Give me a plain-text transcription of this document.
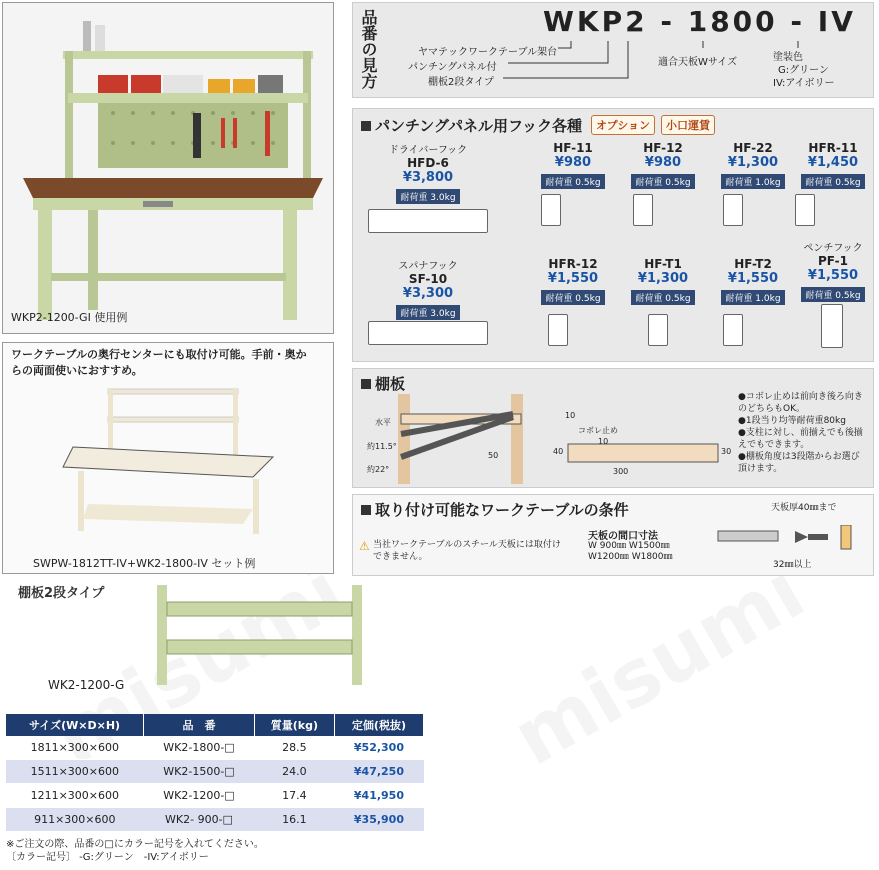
WKP2-1200-GI 使用例
品番の見方	WKP2 - 1800 - IV
ヤマテックワークテーブル架台
パンチングパネル付
棚板2段タイプ
適合天板Wサイズ	塗装色
G:グリーン
IV:アイボリー
パンチングパネル用フック各種	オプション	小口運賃
ドライバーフック
HFD-6
¥3,800
耐荷重 3.0kg
HF-11
¥980
耐荷重 0.5kg
HF-12
¥980
耐荷重 0.5kg
HF-22
¥1,300
耐荷重 1.0kg
HFR-11
¥1,450
耐荷重 0.5kg
スパナフック
SF-10
¥3,300
耐荷重 3.0kg
HFR-12
¥1,550
耐荷重 0.5kg
HF-T1
¥1,300
耐荷重 0.5kg
HF-T2
¥1,550
耐荷重 1.0kg
ペンチフック
PF-1
¥1,550
耐荷重 0.5kg
ワークテーブルの奥行センターにも取付け可能。手前・奥からの両面使いにおすすめ。
SWPW-1812TT-IV+WK2-1800-IV セット例
棚板
水平
約11.5°
約22°
50
10
コボレ止め
10
40	30
300
●コボレ止めは前向き後ろ向きのどちらもOK。
●1段当り均等耐荷重80kg
●支柱に対し、前揃えでも後揃えでもできます。
●棚板角度は3段階からお選び頂けます。
取り付け可能なワークテーブルの条件
⚠ 当社ワークテーブルのスチール天板には取付けできません。
天板の間口寸法
W 900㎜ W1500㎜
W1200㎜ W1800㎜
天板厚40㎜まで
32㎜以上
棚板2段タイプ
WK2-1200-G
サイズ(W×D×H)	品　番	質量(kg)	定価(税抜)
1811×300×600	WK2-1800-□	28.5	¥52,300
1511×300×600	WK2-1500-□	24.0	¥47,250
1211×300×600	WK2-1200-□	17.4	¥41,950
911×300×600	WK2- 900-□	16.1	¥35,900
※ご注文の際、品番の□にカラー記号を入れてください。
〔カラー記号〕 -G:グリーン　-IV:アイボリー
